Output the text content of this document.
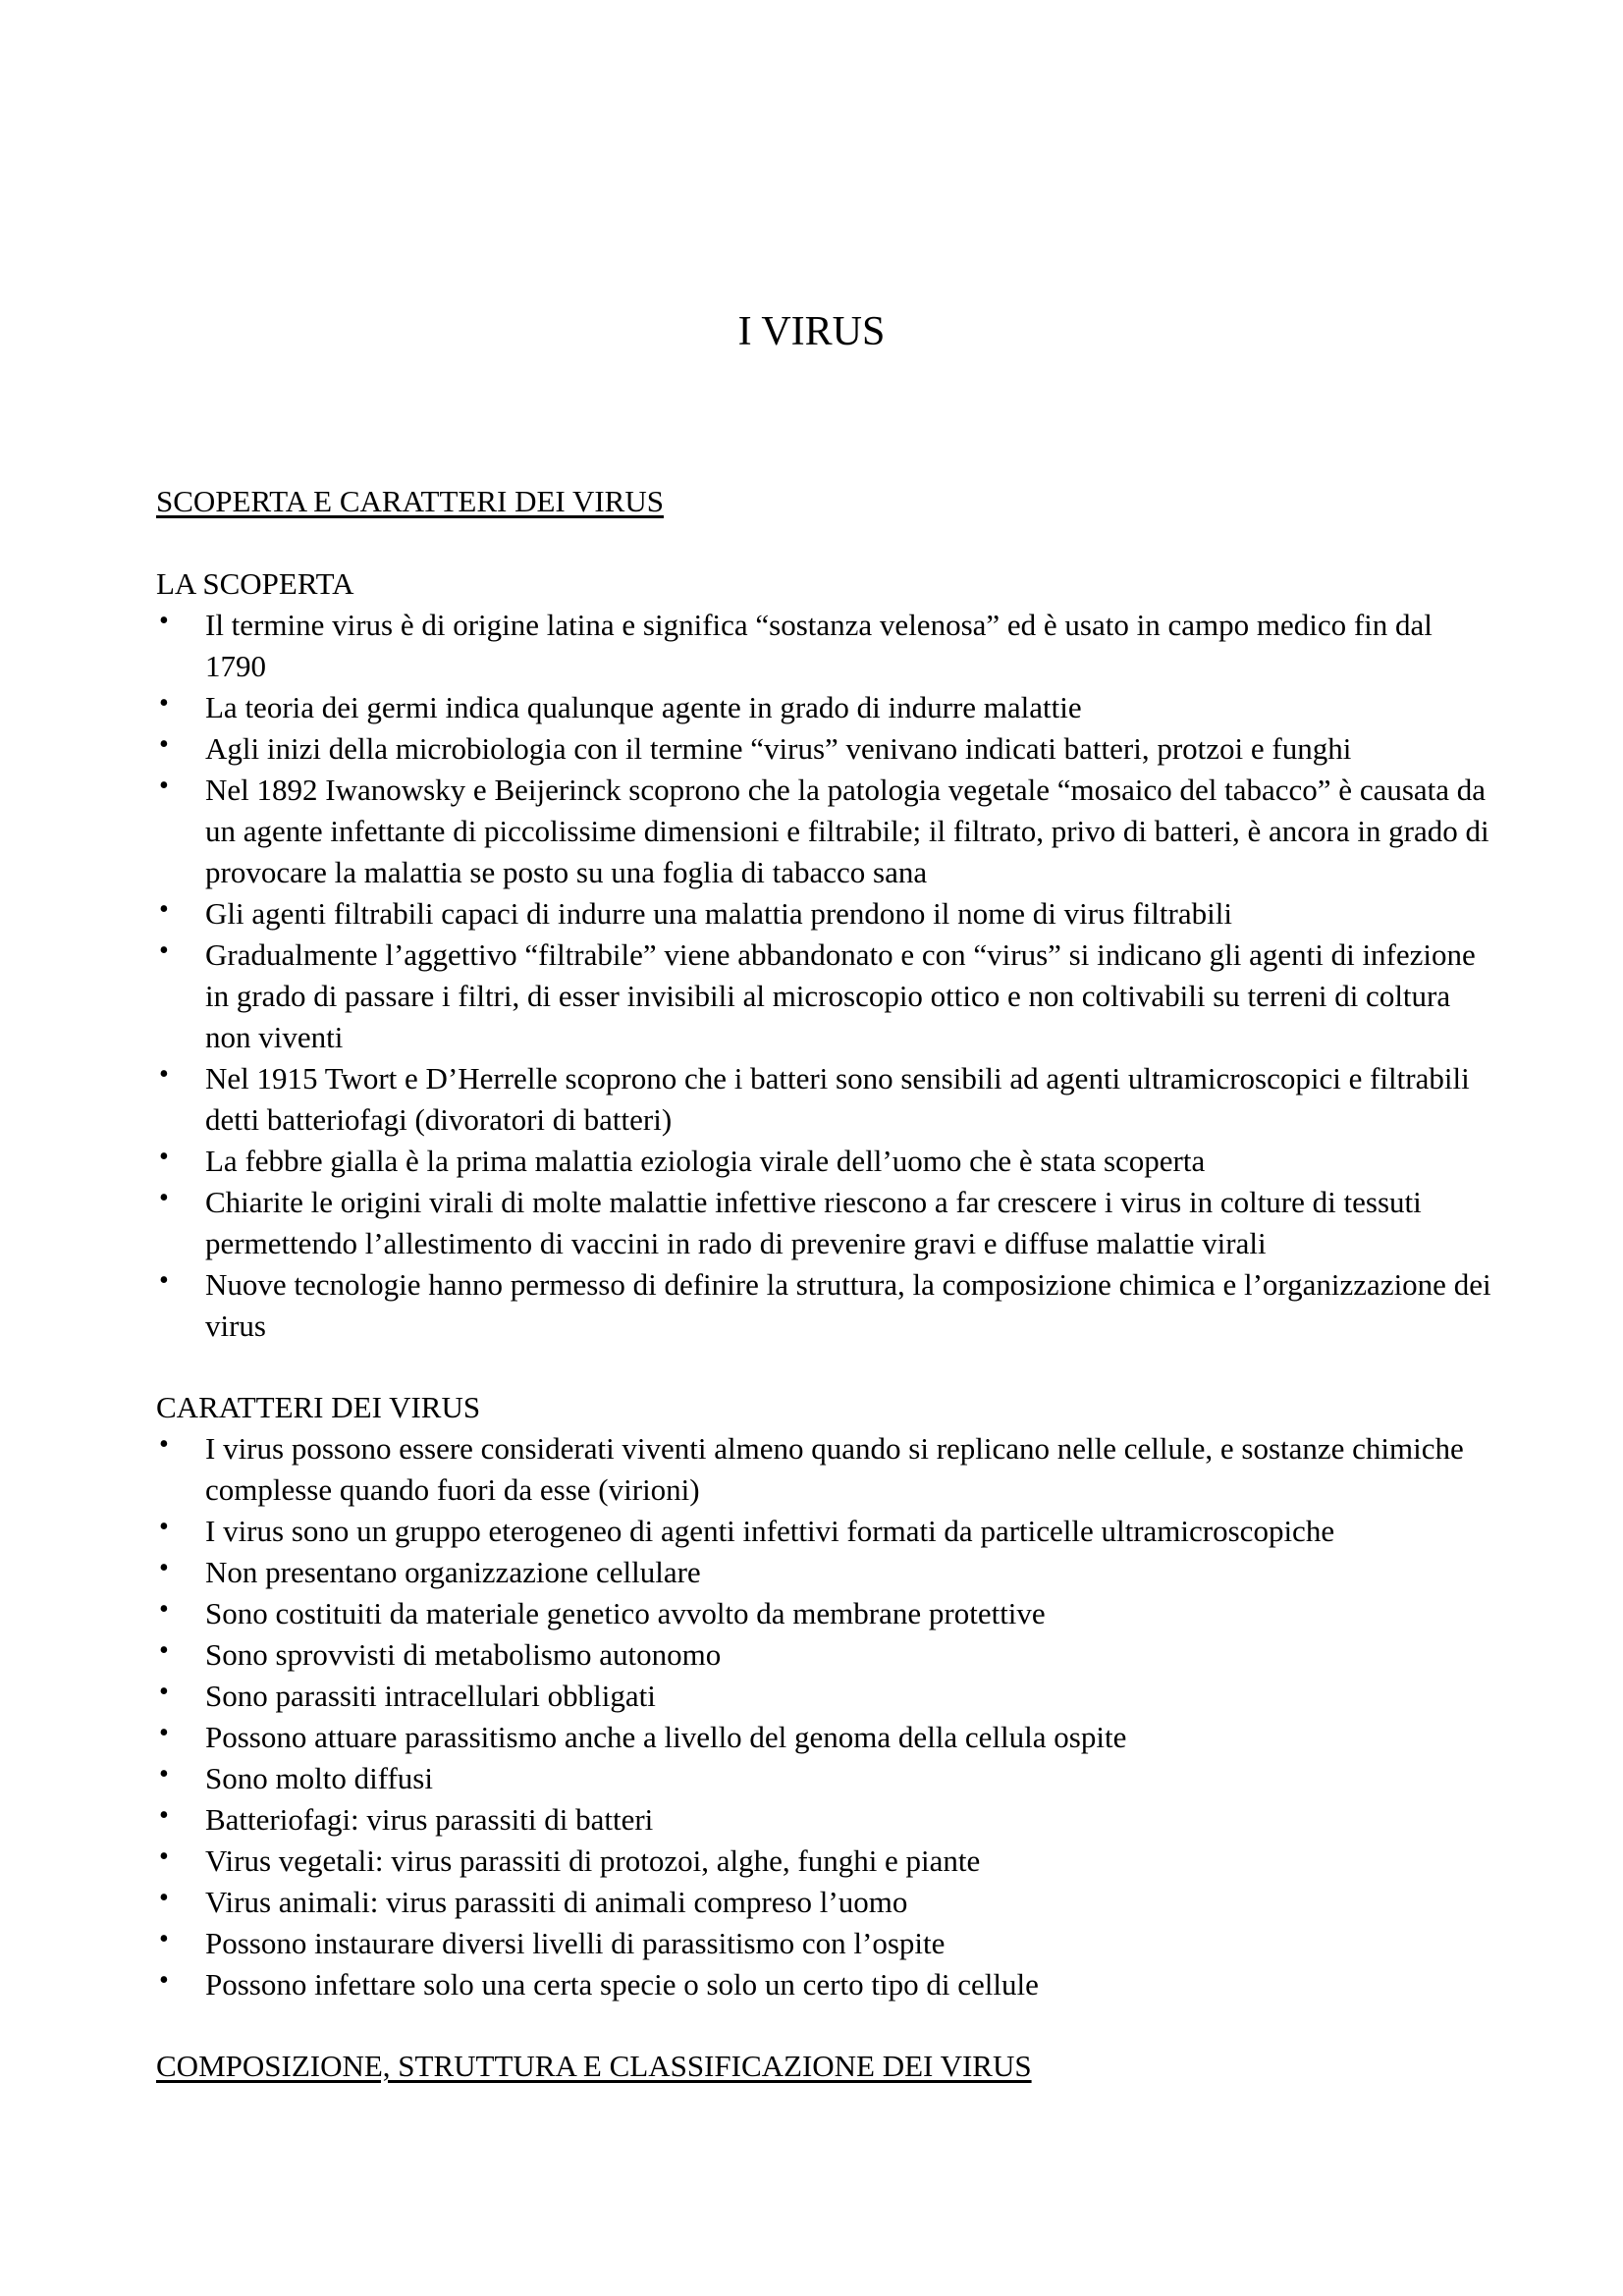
I VIRUS
SCOPERTA E CARATTERI DEI VIRUS
LA SCOPERTA
• Il termine virus è di origine latina e significa “sostanza velenosa” ed è usato in campo medico fin dal 1790
• La teoria dei germi indica qualunque agente in grado di indurre malattie
• Agli inizi della microbiologia con il termine “virus” venivano indicati batteri, protzoi e funghi
• Nel 1892 Iwanowsky e Beijerinck scoprono che la patologia vegetale “mosaico del tabacco” è causata da un agente infettante di piccolissime dimensioni e filtrabile; il filtrato, privo di batteri, è ancora in grado di provocare la malattia se posto su una foglia di tabacco sana
• Gli agenti filtrabili capaci di indurre una malattia prendono il nome di virus filtrabili
• Gradualmente l’aggettivo “filtrabile” viene abbandonato e con “virus” si indicano gli agenti di infezione in grado di passare i filtri, di esser invisibili al microscopio ottico e non coltivabili su terreni di coltura non viventi
• Nel 1915 Twort e D’Herrelle scoprono che i batteri sono sensibili ad agenti ultramicroscopici e filtrabili detti batteriofagi (divoratori di batteri)
• La febbre gialla è la prima malattia eziologia virale dell’uomo che è stata scoperta
• Chiarite le origini virali di molte malattie infettive riescono a far crescere i virus in colture di tessuti permettendo l’allestimento di vaccini in rado di prevenire gravi e diffuse malattie virali
• Nuove tecnologie hanno permesso di definire la struttura, la composizione chimica e l’organizzazione dei virus
CARATTERI DEI VIRUS
• I virus possono essere considerati viventi almeno quando si replicano nelle cellule, e sostanze chimiche complesse quando fuori da esse (virioni)
• I virus sono un gruppo eterogeneo di agenti infettivi formati da particelle ultramicroscopiche
• Non presentano organizzazione cellulare
• Sono costituiti da materiale genetico avvolto da membrane protettive
• Sono sprovvisti di metabolismo autonomo
• Sono parassiti intracellulari obbligati
• Possono attuare parassitismo anche a livello del genoma della cellula ospite
• Sono molto diffusi
• Batteriofagi: virus parassiti di batteri
• Virus vegetali: virus parassiti di protozoi, alghe, funghi e piante
• Virus animali: virus parassiti di animali compreso l’uomo
• Possono instaurare diversi livelli di parassitismo con l’ospite
• Possono infettare solo una certa specie o solo un certo tipo di cellule
COMPOSIZIONE, STRUTTURA E CLASSIFICAZIONE DEI VIRUS
